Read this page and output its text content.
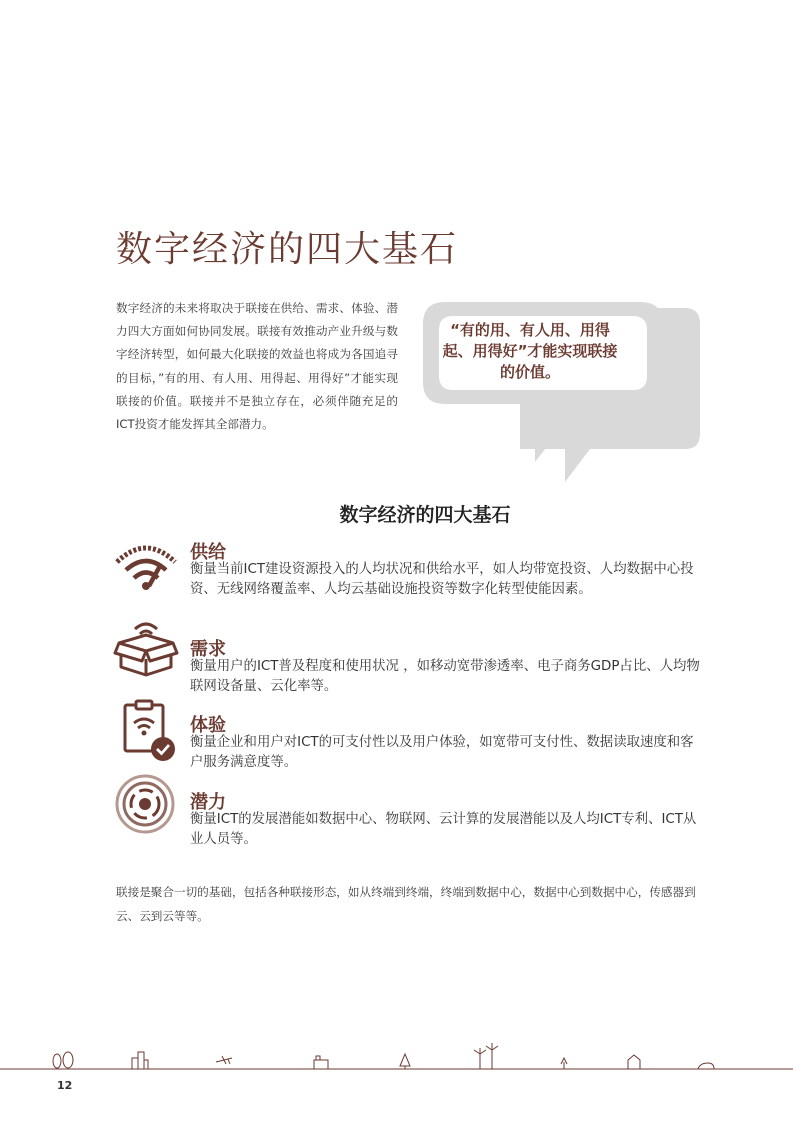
数字经济的四大基石

数字经济的未来将取决于联接在供给、需求、体验、潜力四大方面如何协同发展。联接有效推动产业升级与数字经济转型，如何最大化联接的效益也将成为各国追寻的目标，”有的用、有人用、用得起、用得好”才能实现联接的价值。联接并不是独立存在，必须伴随充足的ICT投资才能发挥其全部潜力。

“有的用、有人用、用得起、用得好”才能实现联接的价值。

数字经济的四大基石
供给

衡量当前ICT建设资源投入的人均状况和供给水平，如人均带宽投资、人均数据中心投资、无线网络覆盖率、人均云基础设施投资等数字化转型使能因素。

需求

衡量用户的ICT普及程度和使用状况 ，如移动宽带渗透率、电子商务GDP占比、人均物联网设备量、云化率等。

体验

衡量企业和用户对ICT的可支付性以及用户体验，如宽带可支付性、数据读取速度和客户服务满意度等。

潜力

衡量ICT的发展潜能如数据中心、物联网、云计算的发展潜能以及人均ICT专利、ICT从业人员等。

联接是聚合一切的基础，包括各种联接形态，如从终端到终端，终端到数据中心，数据中心到数据中心，传感器到云、云到云等等。

12
